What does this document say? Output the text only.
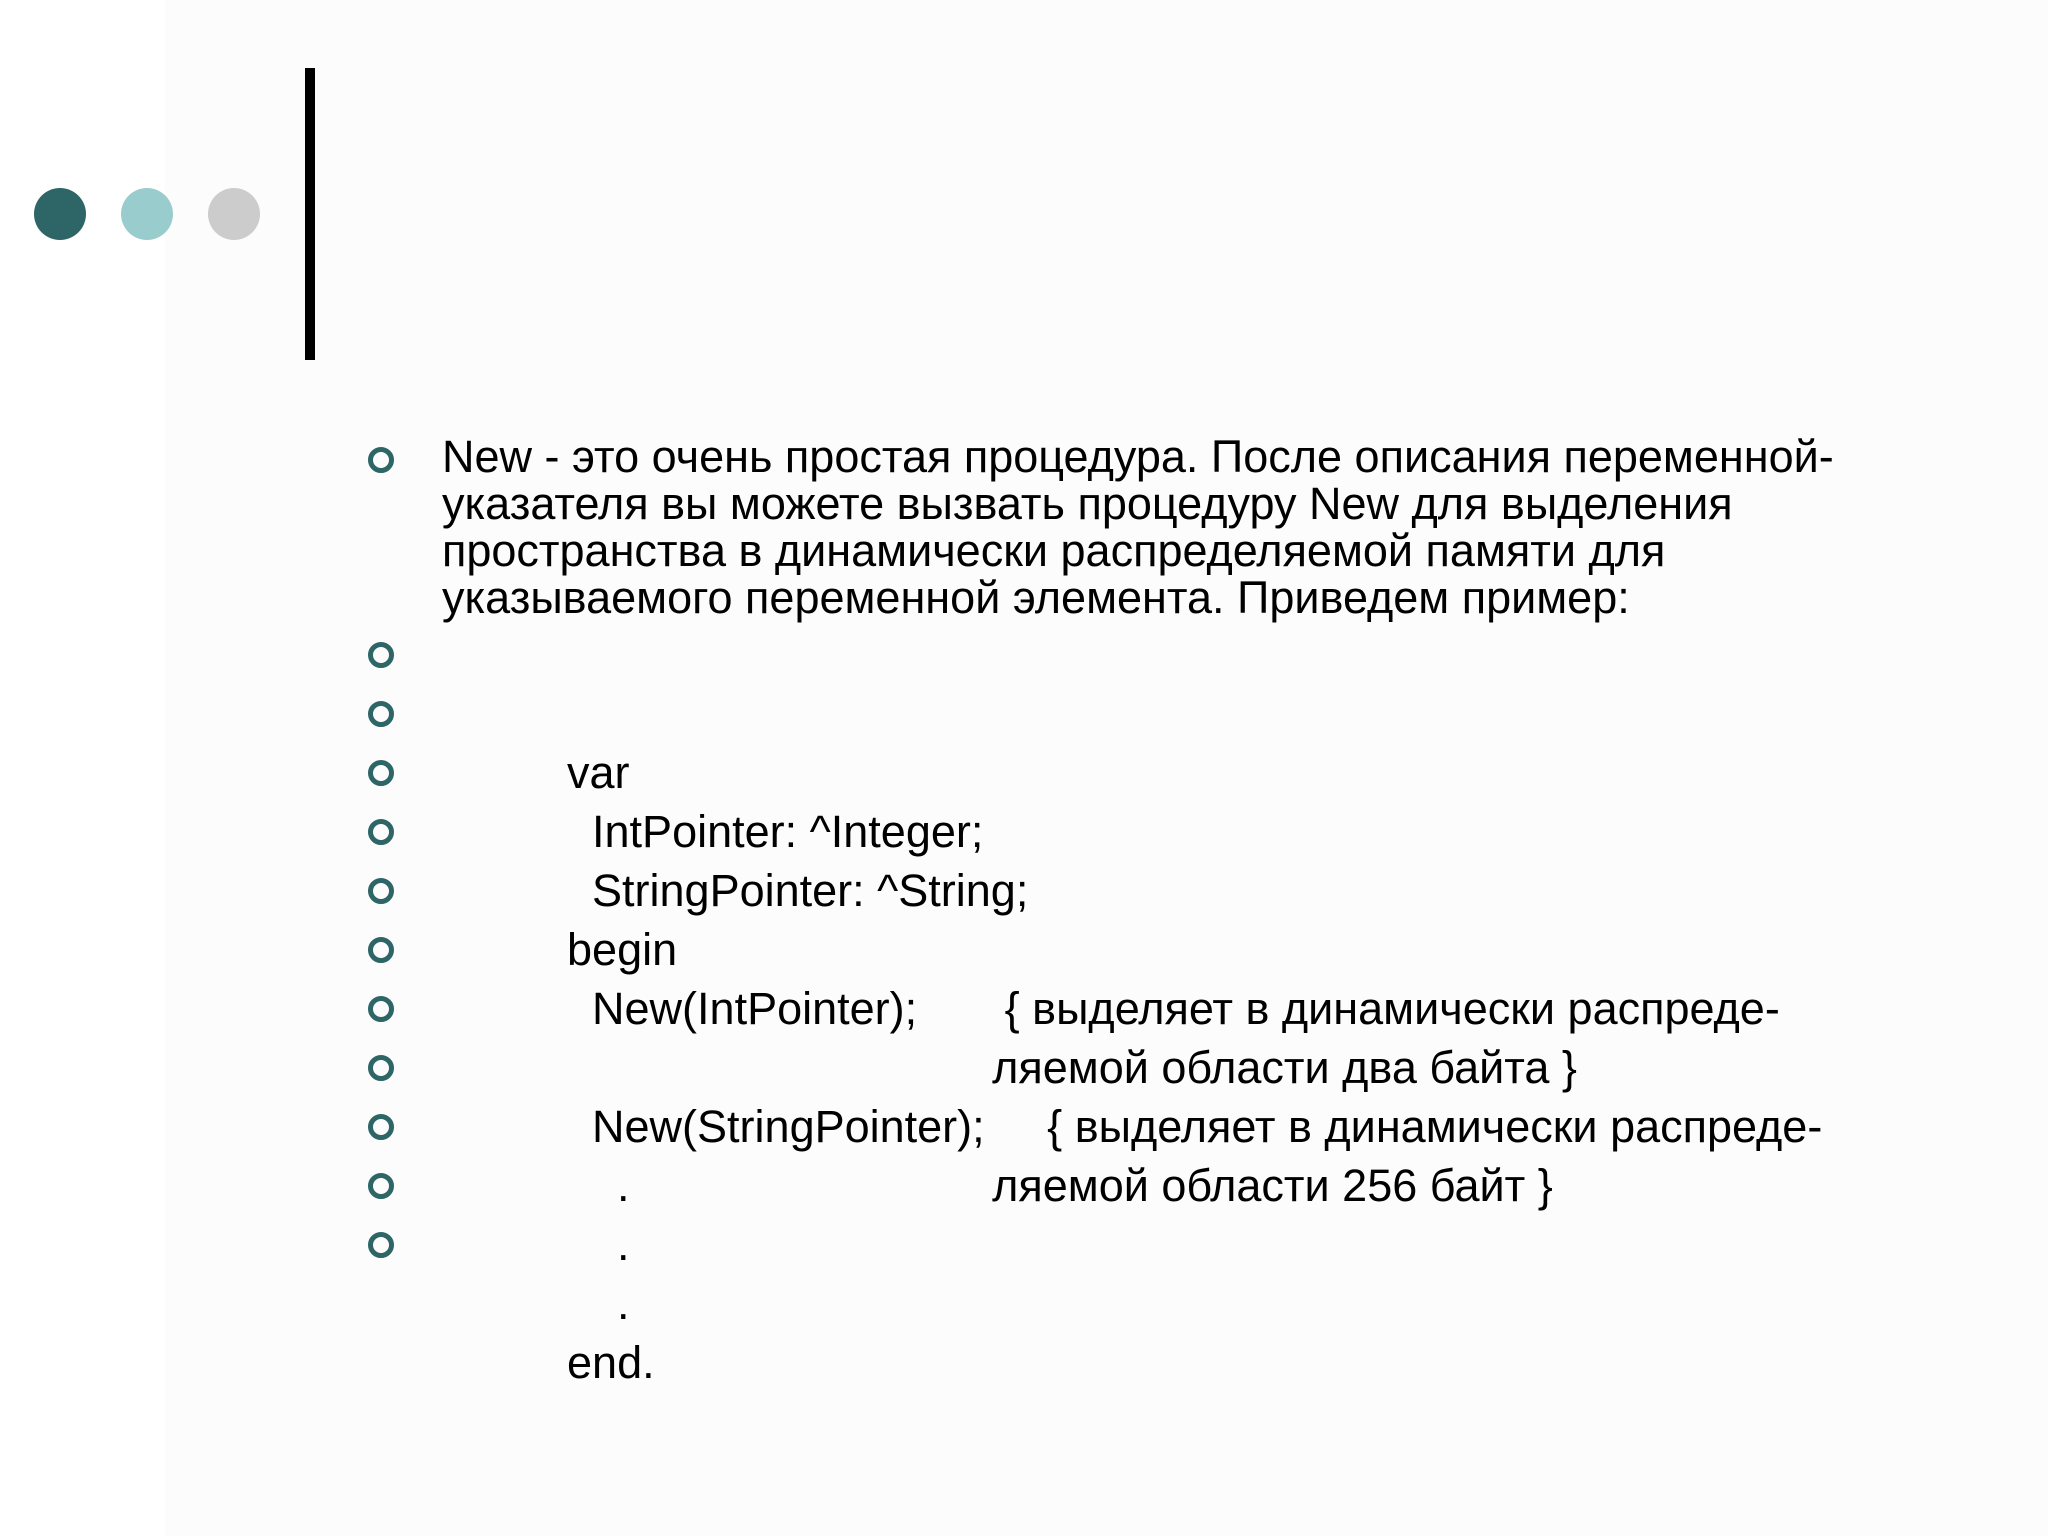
New - это очень простая процедура. После описания переменной-указателя вы можете вызвать процедуру New для выделения пространства в динамически распределяемой памяти для указываемого переменной элемента. Приведем пример:

var

IntPointer: ^Integer;

StringPointer: ^String;

begin

New(IntPointer);       { выделяет в динамически распреде-

ляемой области два байта }

New(StringPointer);     { выделяет в динамически распреде-

.                             ляемой области 256 байт }

.

.

end.
